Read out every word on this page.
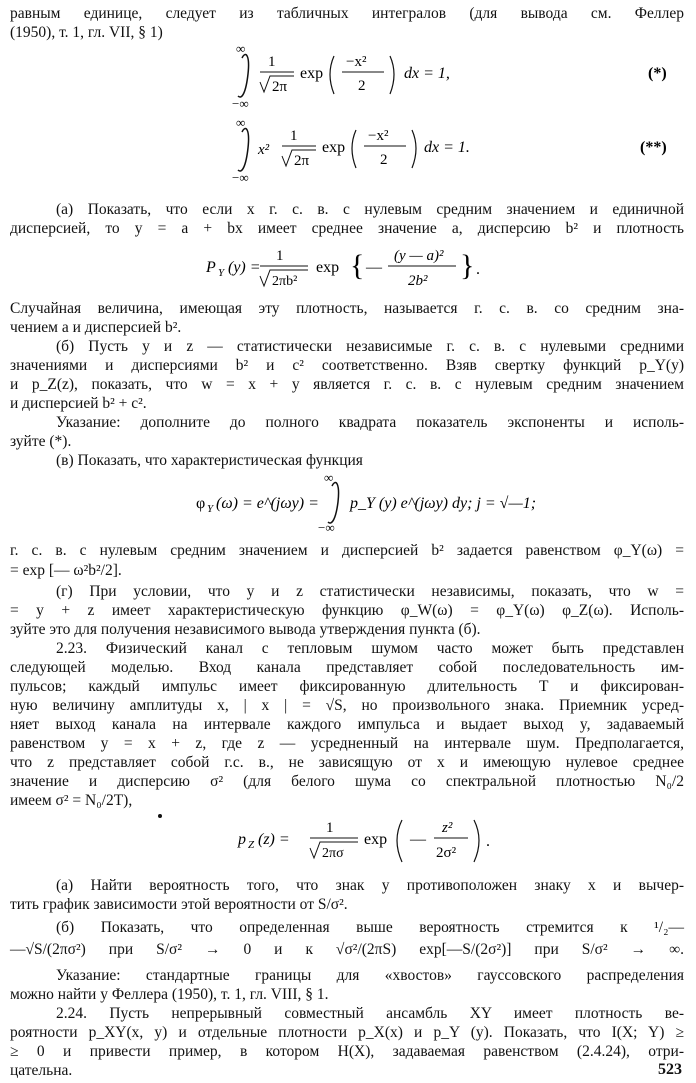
равным единице, следует из табличных интегралов (для вывода см. Феллер
(1950), т. 1, гл. VII, § 1)
∞
−∞
1
2π
exp
−x²
2
dx = 1,	(*)
∞
−∞
x²
1
2π
exp
−x²
2
dx = 1.	(**)
(а) Показать, что если x г. с. в. с нулевым средним значением и единичной
дисперсией, то y = a + bx имеет среднее значение a, дисперсию b² и плотность
P Y (y) =
1
2πb²
exp { —
(y — a)²
2b² } .
Случайная величина, имеющая эту плотность, называется г. с. в. со средним зна-
чением a и дисперсией b².
(б) Пусть y и z — статистически независимые г. с. в. с нулевыми средними
значениями и дисперсиями b² и c² соответственно. Взяв свертку функций p_Y(y)
и p_Z(z), показать, что w = x + y является г. с. в. с нулевым средним значением
и дисперсией b² + c².
Указание: дополните до полного квадрата показатель экспоненты и исполь-
зуйте (*).
(в) Показать, что характеристическая функция
∞
−∞
φ Y (ω) = e^(jωy) = p_Y (y) e^(jωy) dy; j = √—1;
г. с. в. с нулевым средним значением и дисперсией b² задается равенством φ_Y(ω) =
= exp [— ω²b²/2].
(г) При условии, что y и z статистически независимы, показать, что w =
= y + z имеет характеристическую функцию φ_W(ω) = φ_Y(ω) φ_Z(ω). Исполь-
зуйте это для получения независимого вывода утверждения пункта (б).
2.23. Физический канал с тепловым шумом часто может быть представлен
следующей моделью. Вход канала представляет собой последовательность им-
пульсов; каждый импульс имеет фиксированную длительность T и фиксирован-
ную величину амплитуды x, | x | = √S, но произвольного знака. Приемник усред-
няет выход канала на интервале каждого импульса и выдает выход y, задаваемый
равенством y = x + z, где z — усредненный на интервале шум. Предполагается,
что z представляет собой г.с. в., не зависящую от x и имеющую нулевое среднее
значение и дисперсию σ² (для белого шума со спектральной плотностью N₀/2
имеем σ² = N₀/2T),
p Z (z) =
1
2πσ
exp —
z²
2σ²
.
(а) Найти вероятность того, что знак y противоположен знаку x и вычер-
тить график зависимости этой вероятности от S/σ².
(б) Показать, что определенная выше вероятность стремится к ¹/₂—
—√S/(2πσ²) при S/σ² → 0 и к √σ²/(2πS) exp[—S/(2σ²)] при S/σ² → ∞.
Указание: стандартные границы для «хвостов» гауссовского распределения
можно найти у Феллера (1950), т. 1, гл. VIII, § 1.
2.24. Пусть непрерывный совместный ансамбль XY имеет плотность ве-
роятности p_XY(x, y) и отдельные плотности p_X(x) и p_Y (y). Показать, что I(X; Y) ≥
≥ 0 и привести пример, в котором H(X), задаваемая равенством (2.4.24), отри-
цательна.	523
